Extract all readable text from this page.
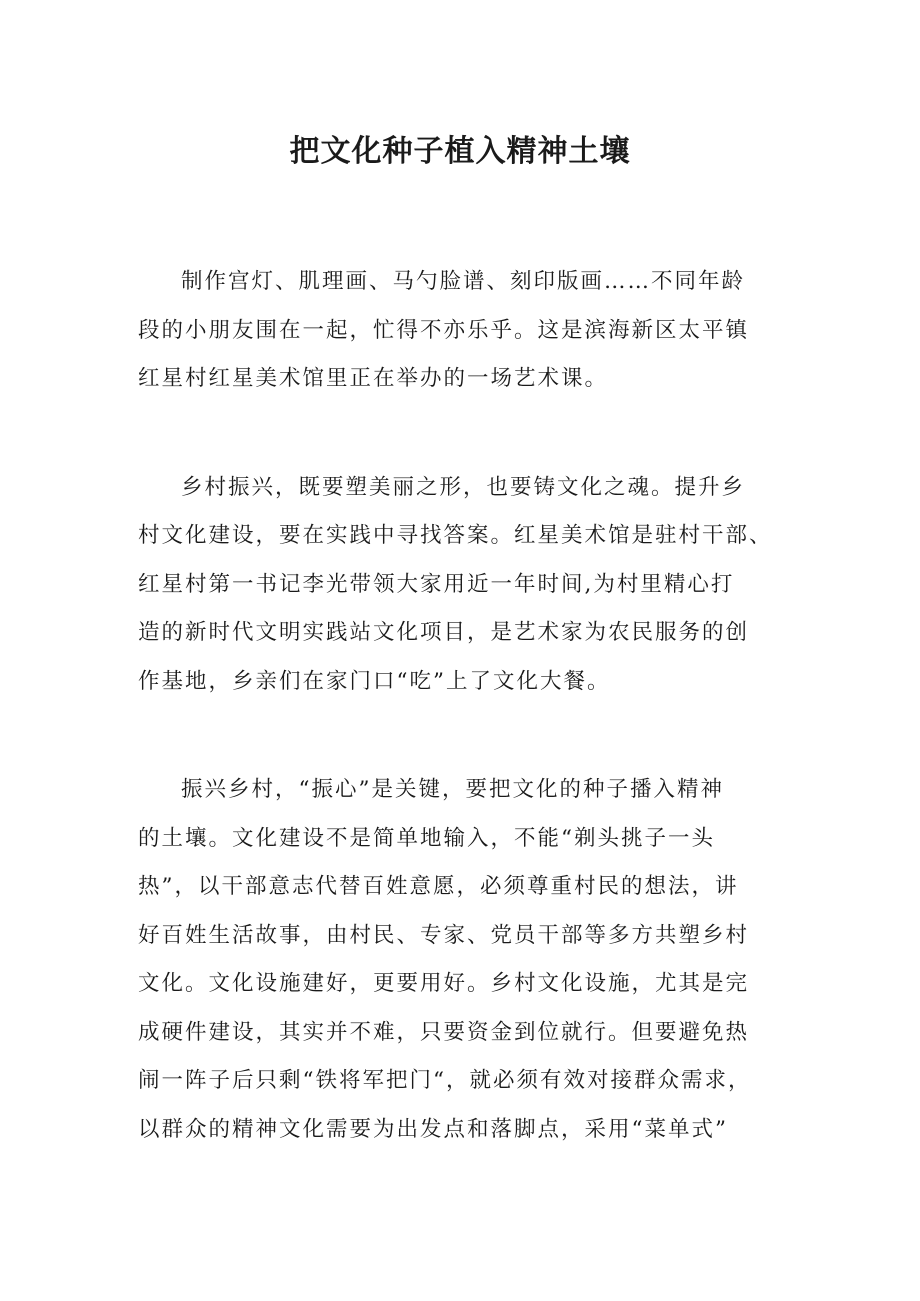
把文化种子植入精神土壤

制作宫灯、肌理画、马勺脸谱、刻印版画……不同年龄
段的小朋友围在一起，忙得不亦乐乎。这是滨海新区太平镇
红星村红星美术馆里正在举办的一场艺术课。

乡村振兴，既要塑美丽之形，也要铸文化之魂。提升乡
村文化建设，要在实践中寻找答案。红星美术馆是驻村干部、
红星村第一书记李光带领大家用近一年时间,为村里精心打
造的新时代文明实践站文化项目，是艺术家为农民服务的创
作基地，乡亲们在家门口“吃”上了文化大餐。

振兴乡村，“振心”是关键，要把文化的种子播入精神
的土壤。文化建设不是简单地输入，不能“剃头挑子一头
热”，以干部意志代替百姓意愿，必须尊重村民的想法，讲
好百姓生活故事，由村民、专家、党员干部等多方共塑乡村
文化。文化设施建好，更要用好。乡村文化设施，尤其是完
成硬件建设，其实并不难，只要资金到位就行。但要避免热
闹一阵子后只剩“铁将军把门“，就必须有效对接群众需求，
以群众的精神文化需要为出发点和落脚点，采用“菜单式”
